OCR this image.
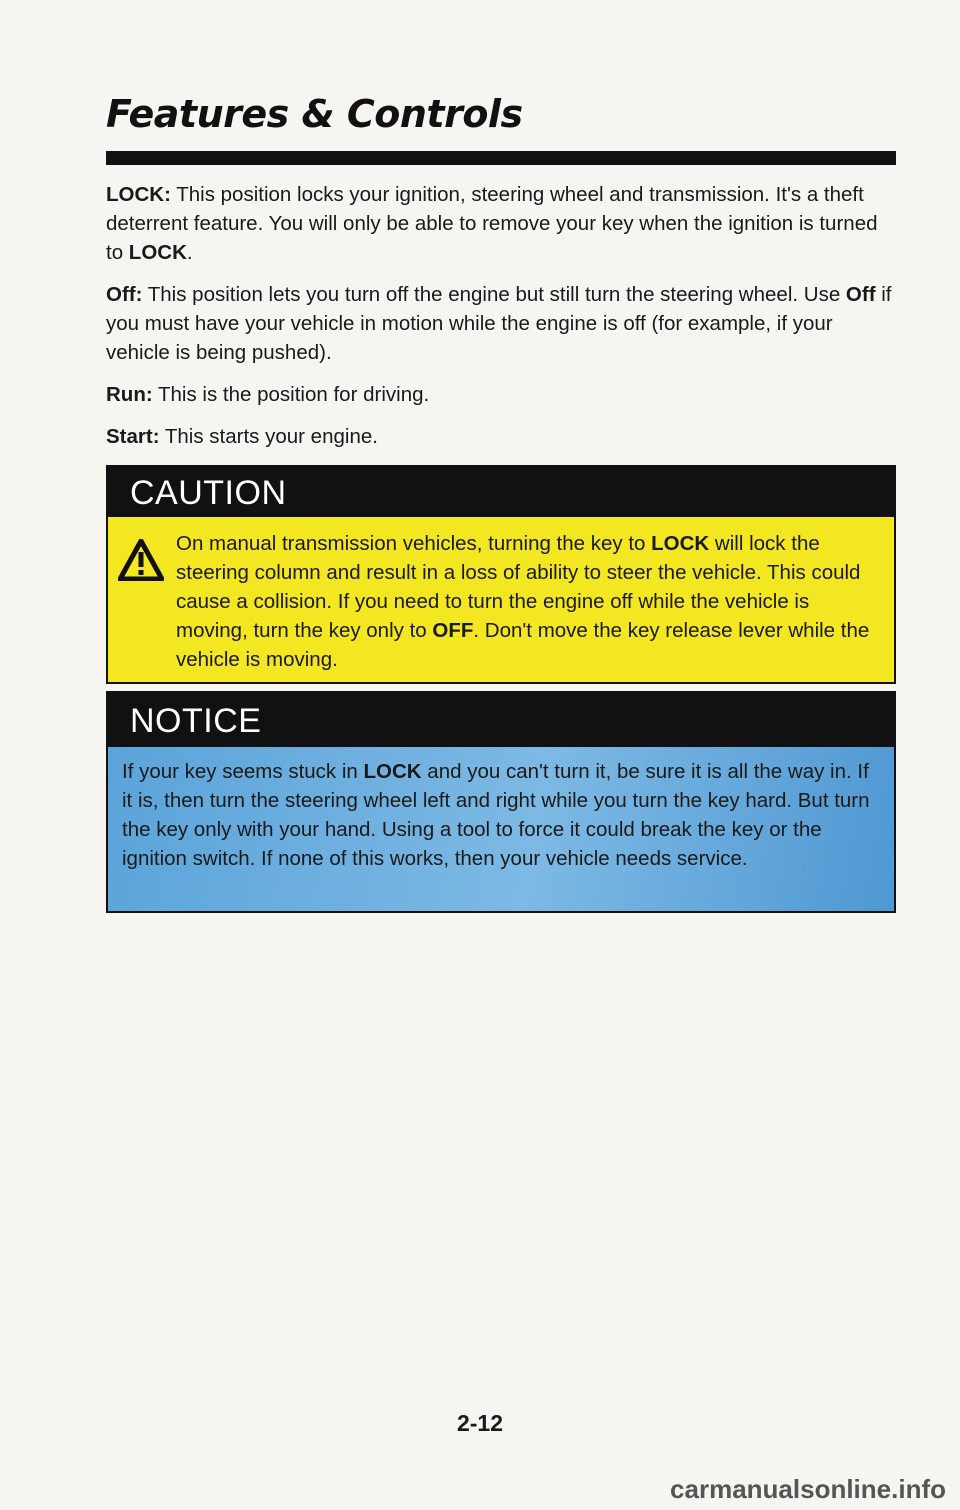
Features & Controls

LOCK: This position locks your ignition, steering wheel and transmission. It's a theft deterrent feature. You will only be able to remove your key when the ignition is turned to LOCK.

Off: This position lets you turn off the engine but still turn the steering wheel. Use Off if you must have your vehicle in motion while the engine is off (for example, if your vehicle is being pushed).

Run: This is the position for driving.

Start: This starts your engine.

CAUTION
On manual transmission vehicles, turning the key to LOCK will lock the steering column and result in a loss of ability to steer the vehicle. This could cause a collision. If you need to turn the engine off while the vehicle is moving, turn the key only to OFF. Don't move the key release lever while the vehicle is moving.
NOTICE
If your key seems stuck in LOCK and you can't turn it, be sure it is all the way in. If it is, then turn the steering wheel left and right while you turn the key hard. But turn the key only with your hand. Using a tool to force it could break the key or the ignition switch. If none of this works, then your vehicle needs service.
2-12
carmanualsonline.info
